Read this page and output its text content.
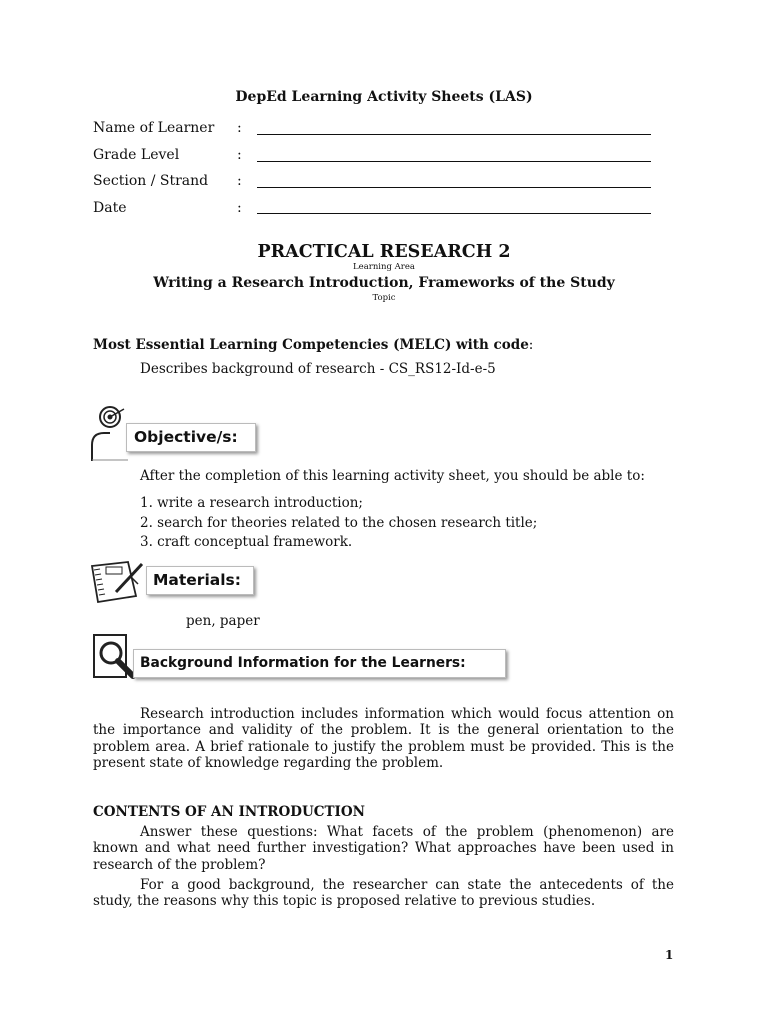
DepEd Learning Activity Sheets (LAS)
Name of Learner :
Grade Level	:
Section / Strand :
Date	:
PRACTICAL RESEARCH 2
Learning Area
Writing a Research Introduction, Frameworks of the Study
Topic
Most Essential Learning Competencies (MELC) with code:
Describes background of research - CS_RS12-Id-e-5
Objective/s:
After the completion of this learning activity sheet, you should be able to:
1. write a research introduction;
2. search for theories related to the chosen research title;
3. craft conceptual framework.
Materials:
pen, paper
Background Information for the Learners:

Research introduction includes information which would focus attention on the importance and validity of the problem. It is the general orientation to the problem area. A brief rationale to justify the problem must be provided. This is the present state of knowledge regarding the problem.

CONTENTS OF AN INTRODUCTION

Answer these questions: What facets of the problem (phenomenon) are known and what need further investigation? What approaches have been used in research of the problem?

For a good background, the researcher can state the antecedents of the study, the reasons why this topic is proposed relative to previous studies.

1
